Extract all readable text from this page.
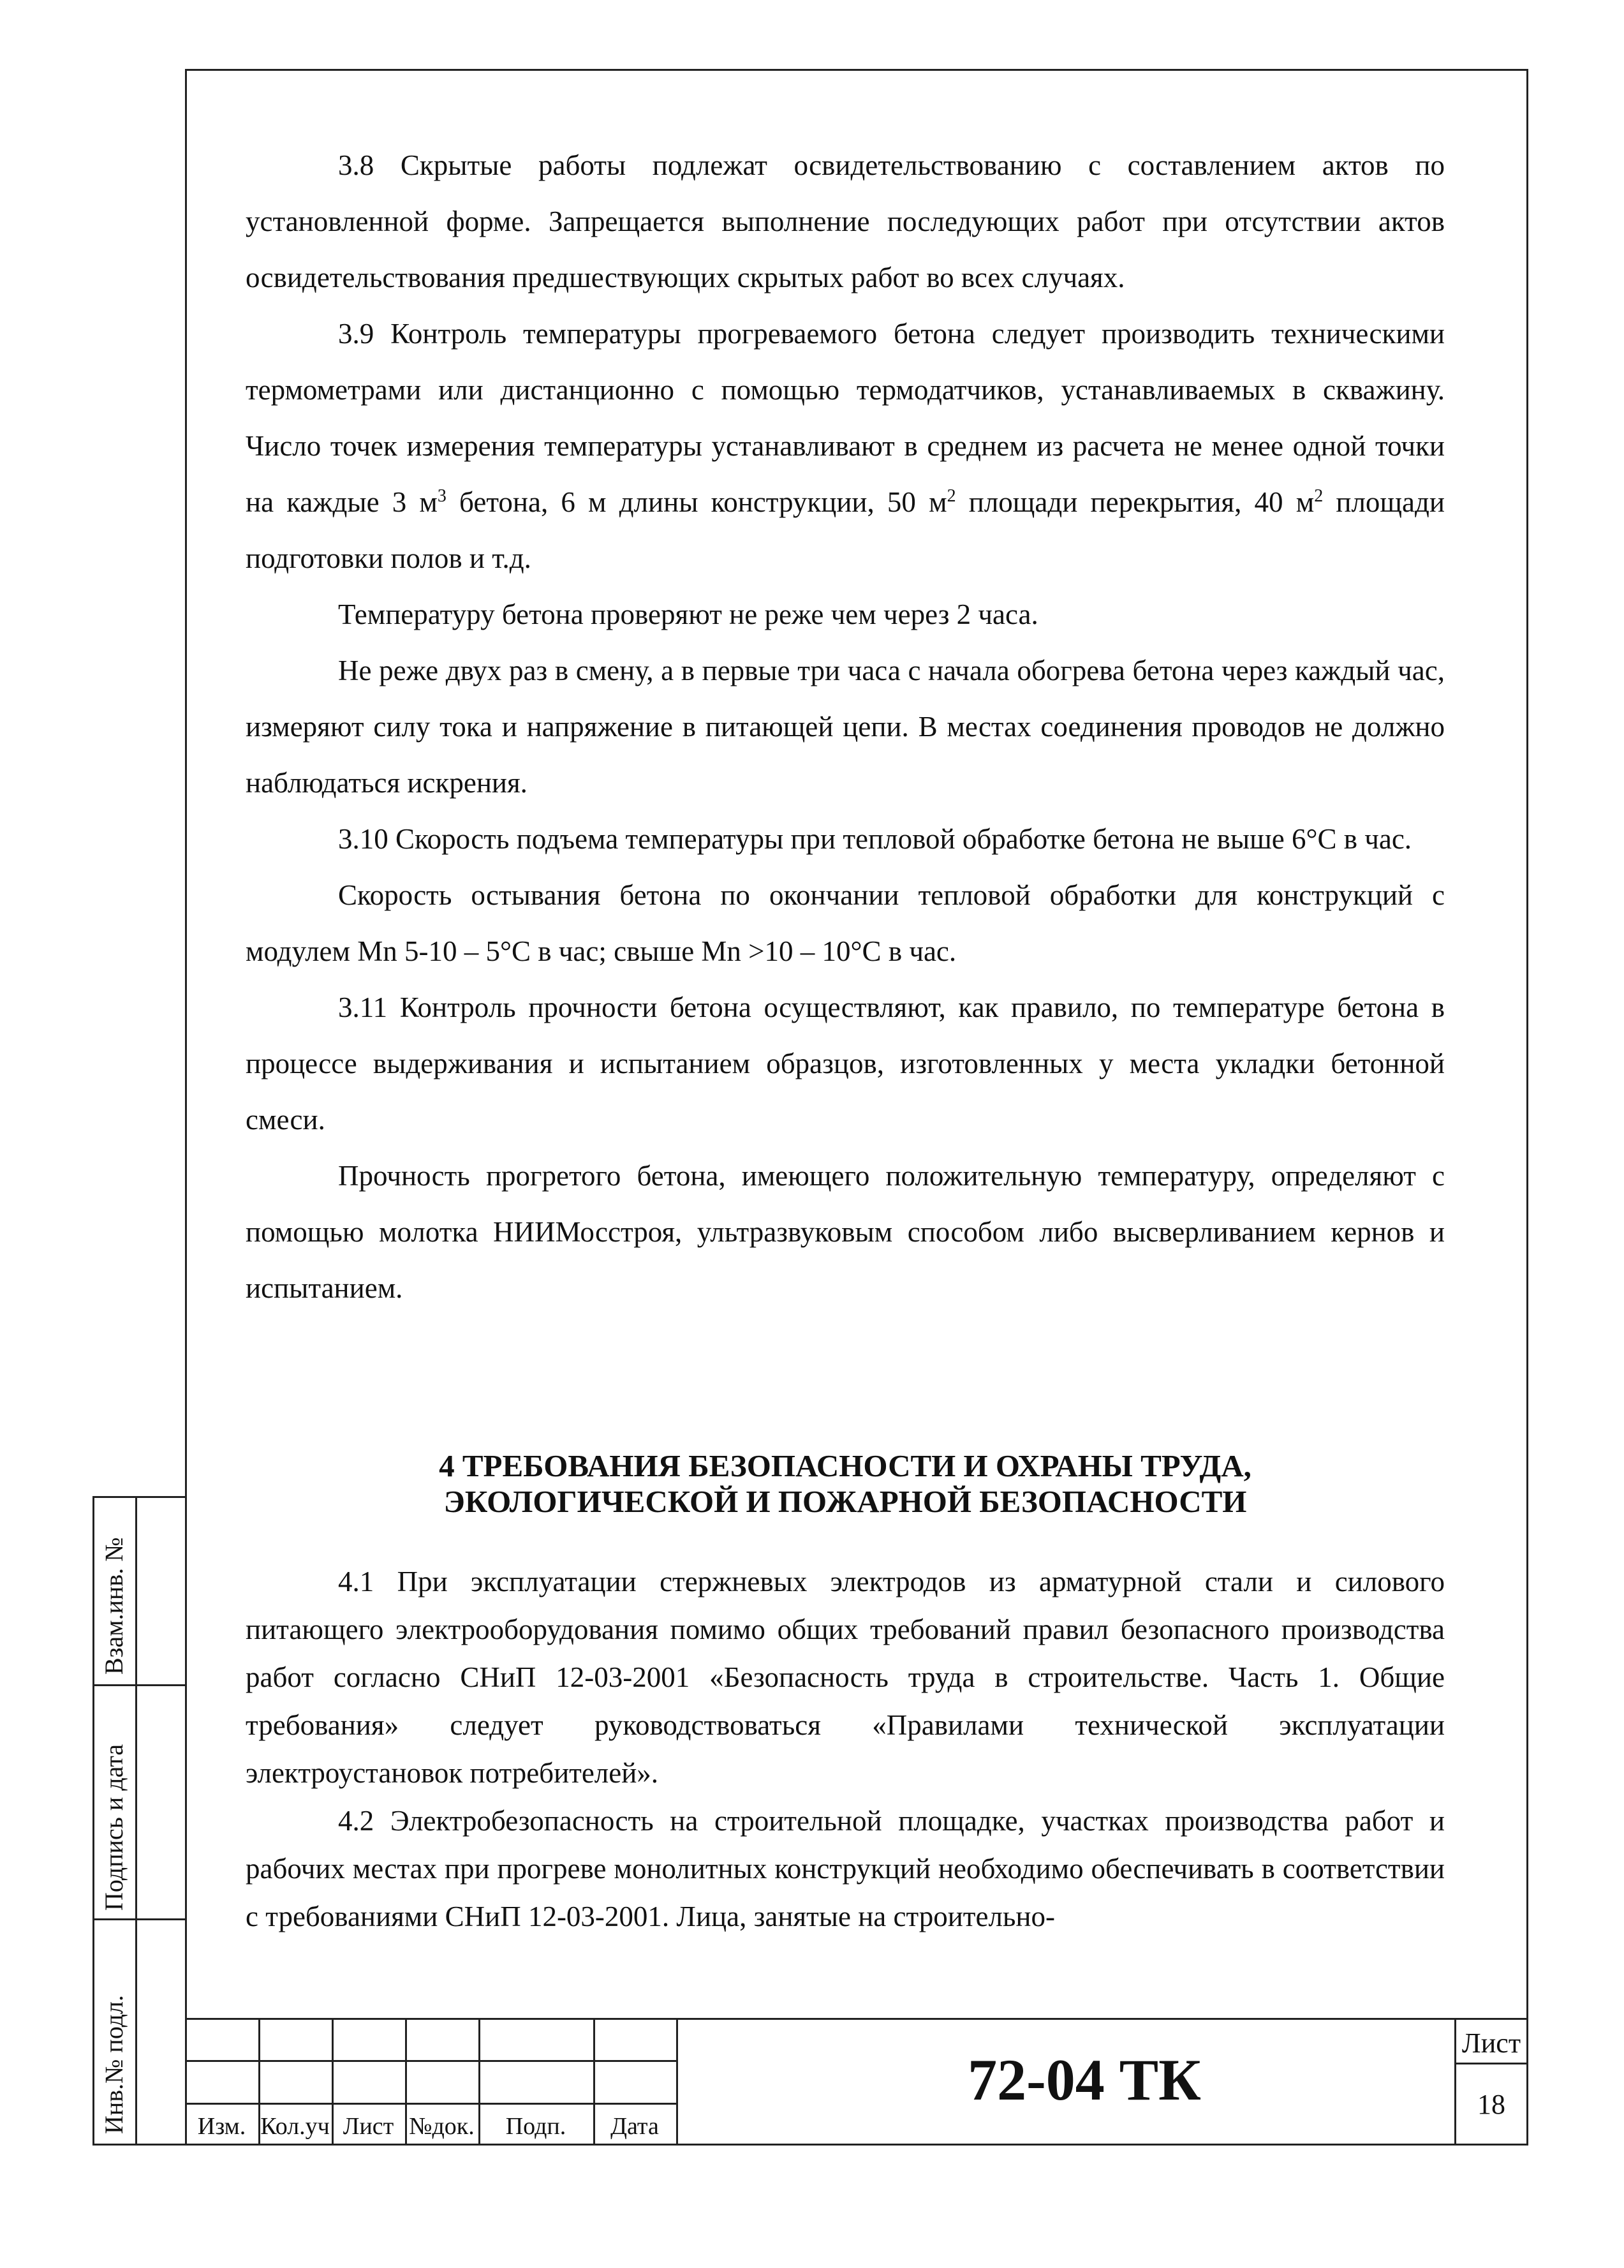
3.8 Скрытые работы подлежат освидетельствованию с составлением актов по установленной форме. Запрещается выполнение последующих работ при отсутствии актов освидетельствования предшествующих скрытых работ во всех случаях.

3.9 Контроль температуры прогреваемого бетона следует производить техническими термометрами или дистанционно с помощью термодатчиков, устанавливаемых в скважину. Число точек измерения температуры устанавливают в среднем из расчета не менее одной точки на каждые 3 $м^3$ бетона, 6 м длины конструкции, 50 $м^2$ площади перекрытия, 40 $м^2$ площади подготовки полов и т.д.

Температуру бетона проверяют не реже чем через 2 часа.

Не реже двух раз в смену, а в первые три часа с начала обогрева бетона через каждый час, измеряют силу тока и напряжение в питающей цепи. В местах соединения проводов не должно наблюдаться искрения.

3.10 Скорость подъема температуры при тепловой обработке бетона не выше 6°С в час.

Скорость остывания бетона по окончании тепловой обработки для конструкций с модулем Mn 5-10 – 5°С в час; свыше Mn >10 – 10°С в час.

3.11 Контроль прочности бетона осуществляют, как правило, по температуре бетона в процессе выдерживания и испытанием образцов, изготовленных у места укладки бетонной смеси.

Прочность прогретого бетона, имеющего положительную температуру, определяют с помощью молотка НИИМосстроя, ультразвуковым способом либо высверливанием кернов и испытанием.

4 ТРЕБОВАНИЯ БЕЗОПАСНОСТИ И ОХРАНЫ ТРУДА,
ЭКОЛОГИЧЕСКОЙ И ПОЖАРНОЙ БЕЗОПАСНОСТИ

4.1 При эксплуатации стержневых электродов из арматурной стали и силового питающего электрооборудования помимо общих требований правил безопасного производства работ согласно СНиП 12-03-2001 «Безопасность труда в строительстве. Часть 1. Общие требования» следует руководствоваться «Правилами технической эксплуатации электроустановок потребителей».

4.2 Электробезопасность на строительной площадке, участках производства работ и рабочих местах при прогреве монолитных конструкций необходимо обеспечивать в соответствии с требованиями СНиП 12-03-2001. Лица, занятые на строительно-

Взам.инв. №
Подпись и дата
Инв.№ подл.	Изм. Кол.уч Лист №док.	Подп.	Дата
Лист
18
72-04 ТК
